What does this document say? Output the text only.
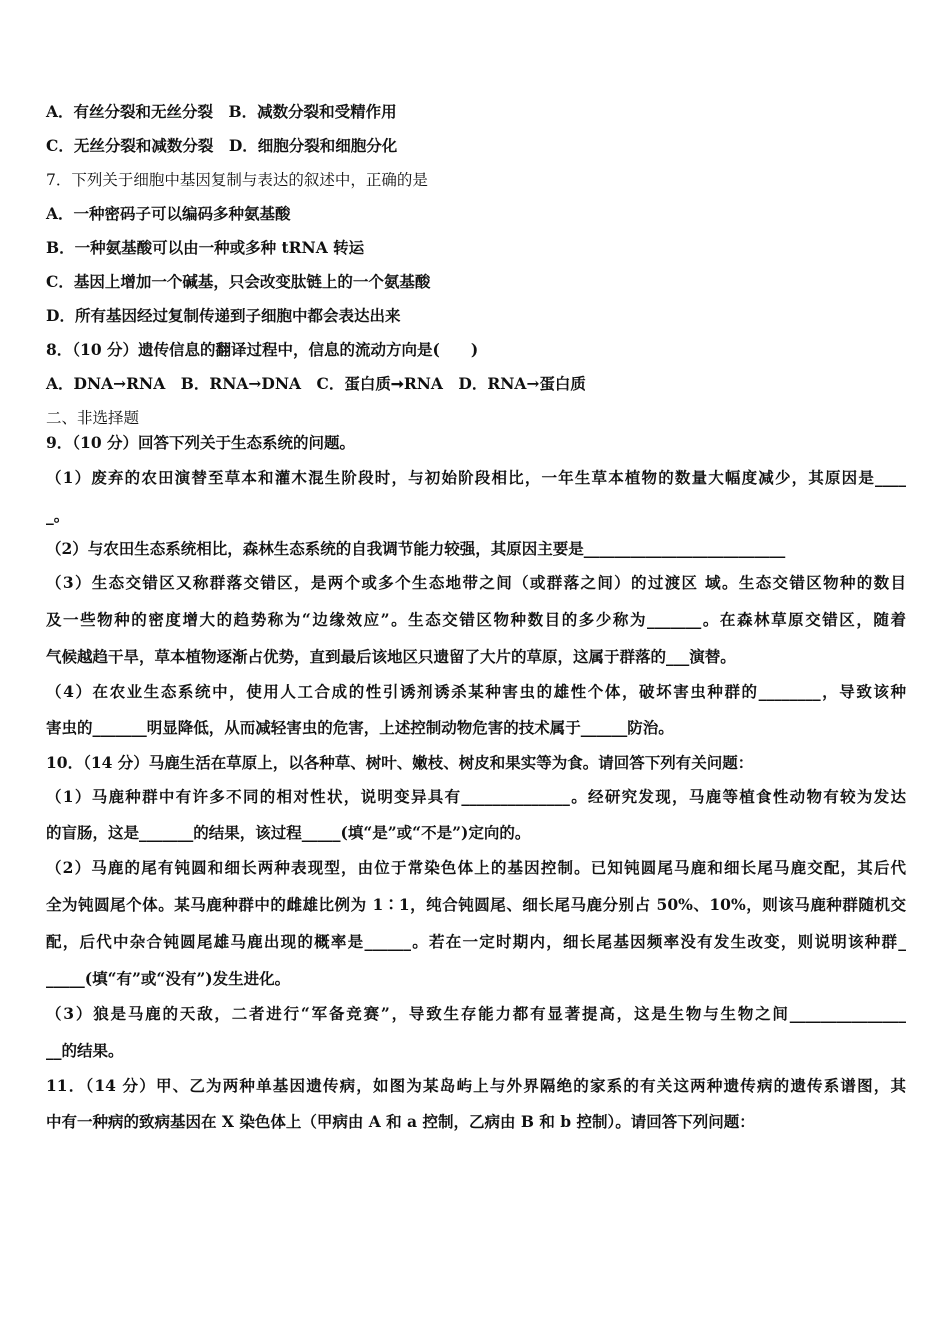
A．有丝分裂和无丝分裂　B．减数分裂和受精作用
C．无丝分裂和减数分裂　D．细胞分裂和细胞分化
7．下列关于细胞中基因复制与表达的叙述中，正确的是
A．一种密码子可以编码多种氨基酸
B．一种氨基酸可以由一种或多种 tRNA 转运
C．基因上增加一个碱基，只会改变肽链上的一个氨基酸
D．所有基因经过复制传递到子细胞中都会表达出来
8．（10 分）遗传信息的翻译过程中，信息的流动方向是(　　)
A．DNA→RNA　B．RNA→DNA　C．蛋白质➞RNA　D．RNA→蛋白质
二、非选择题
9．（10 分）回答下列关于生态系统的问题。
（1）废弃的农田演替至草本和灌木混生阶段时，与初始阶段相比，一年生草本植物的数量大幅度减少，其原因是____
_。
（2）与农田生态系统相比，森林生态系统的自我调节能力较强，其原因主要是__________________________
（3）生态交错区又称群落交错区，是两个或多个生态地带之间（或群落之间）的过渡区 域。生态交错区物种的数目
及一些物种的密度增大的趋势称为“边缘效应”。生态交错区物种数目的多少称为_______。在森林草原交错区，随着
气候越趋干旱，草本植物逐渐占优势，直到最后该地区只遗留了大片的草原，这属于群落的___演替。
（4）在农业生态系统中，使用人工合成的性引诱剂诱杀某种害虫的雄性个体，破坏害虫种群的________，导致该种
害虫的_______明显降低，从而减轻害虫的危害，上述控制动物危害的技术属于______防治。
10．（14 分）马鹿生活在草原上，以各种草、树叶、嫩枝、树皮和果实等为食。请回答下列有关问题：
（1）马鹿种群中有许多不同的相对性状，说明变异具有______________。经研究发现，马鹿等植食性动物有较为发达
的盲肠，这是_______的结果，该过程_____(填“是”或“不是”)定向的。
（2）马鹿的尾有钝圆和细长两种表现型，由位于常染色体上的基因控制。已知钝圆尾马鹿和细长尾马鹿交配，其后代
全为钝圆尾个体。某马鹿种群中的雌雄比例为 1∶1，纯合钝圆尾、细长尾马鹿分别占 50%、10%，则该马鹿种群随机交
配，后代中杂合钝圆尾雄马鹿出现的概率是______。若在一定时期内，细长尾基因频率没有发生改变，则说明该种群_
_____(填“有”或“没有”)发生进化。
（3）狼是马鹿的天敌，二者进行“军备竞赛”，导致生存能力都有显著提高，这是生物与生物之间_______________
__的结果。
11．（14 分）甲、乙为两种单基因遗传病，如图为某岛屿上与外界隔绝的家系的有关这两种遗传病的遗传系谱图，其
中有一种病的致病基因在 X 染色体上（甲病由 A 和 a 控制，乙病由 B 和 b 控制）。请回答下列问题：
